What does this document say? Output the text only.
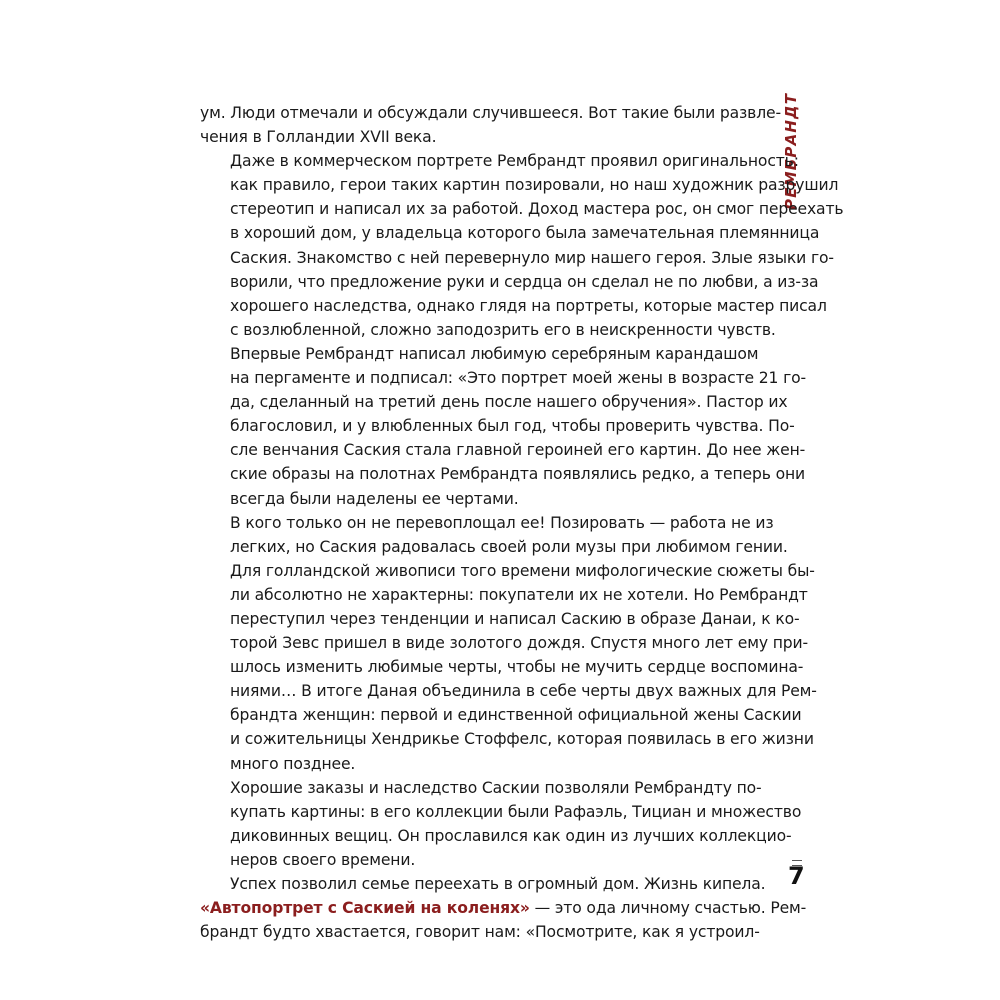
РЕМБРАНДТ

ум. Люди отмечали и обсуждали случившееся. Вот такие были развле-
чения в Голландии XVII века.

Даже в коммерческом портрете Рембрандт проявил оригинальность:
как правило, герои таких картин позировали, но наш художник разрушил
стереотип и написал их за работой. Доход мастера рос, он смог переехать
в хороший дом, у владельца которого была замечательная племянница
Саския. Знакомство с ней перевернуло мир нашего героя. Злые языки го-
ворили, что предложение руки и сердца он сделал не по любви, а из-за
хорошего наследства, однако глядя на портреты, которые мастер писал
с возлюбленной, сложно заподозрить его в неискренности чувств.

Впервые Рембрандт написал любимую серебряным карандашом
на пергаменте и подписал: «Это портрет моей жены в возрасте 21 го-
да, сделанный на третий день после нашего обручения». Пастор их
благословил, и у влюбленных был год, чтобы проверить чувства. По-
сле венчания Саския стала главной героиней его картин. До нее жен-
ские образы на полотнах Рембрандта появлялись редко, а теперь они
всегда были наделены ее чертами.

В кого только он не перевоплощал ее! Позировать — работа не из
легких, но Саския радовалась своей роли музы при любимом гении.
Для голландской живописи того времени мифологические сюжеты бы-
ли абсолютно не характерны: покупатели их не хотели. Но Рембрандт
переступил через тенденции и написал Саскию в образе Данаи, к ко-
торой Зевс пришел в виде золотого дождя. Спустя много лет ему при-
шлось изменить любимые черты, чтобы не мучить сердце воспомина-
ниями… В итоге Даная объединила в себе черты двух важных для Рем-
брандта женщин: первой и единственной официальной жены Саскии
и сожительницы Хендрикье Стоффелс, которая появилась в его жизни
много позднее.

Хорошие заказы и наследство Саскии позволяли Рембрандту по-
купать картины: в его коллекции были Рафаэль, Тициан и множество
диковинных вещиц. Он прославился как один из лучших коллекцио-
неров своего времени.

Успех позволил семье переехать в огромный дом. Жизнь кипела.

«Автопортрет с Саскией на коленях» — это ода личному счастью. Рем-
брандт будто хвастается, говорит нам: «Посмотрите, как я устроил-

7
